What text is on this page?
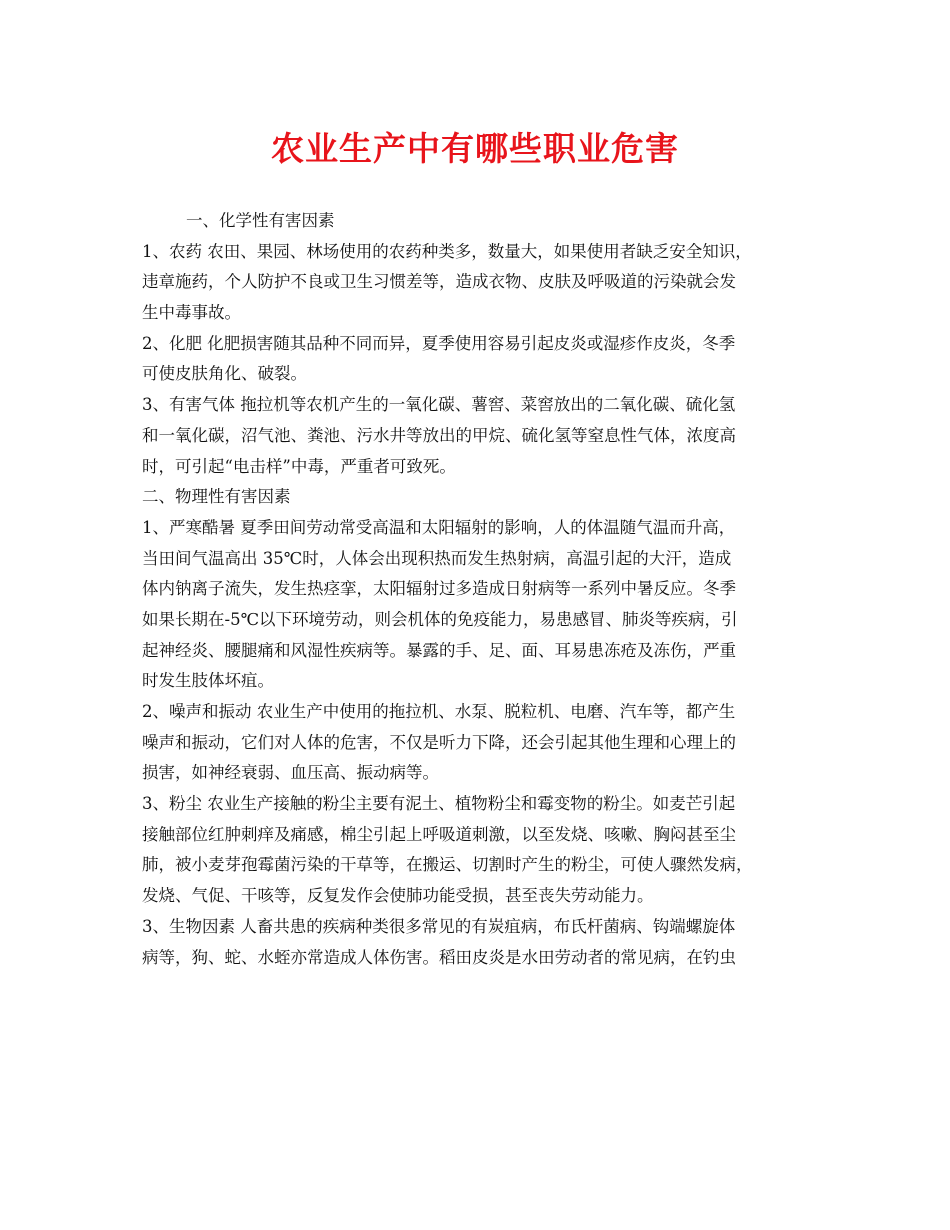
农业生产中有哪些职业危害
一、化学性有害因素
1、农药 农田、果园、林场使用的农药种类多，数量大，如果使用者缺乏安全知识，
违章施药，个人防护不良或卫生习惯差等，造成衣物、皮肤及呼吸道的污染就会发
生中毒事故。
2、化肥 化肥损害随其品种不同而异，夏季使用容易引起皮炎或湿疹作皮炎，冬季
可使皮肤角化、破裂。
3、有害气体 拖拉机等农机产生的一氧化碳、薯窖、菜窖放出的二氧化碳、硫化氢
和一氧化碳，沼气池、粪池、污水井等放出的甲烷、硫化氢等窒息性气体，浓度高
时，可引起“电击样”中毒，严重者可致死。
二、物理性有害因素
1、严寒酷暑 夏季田间劳动常受高温和太阳辐射的影响，人的体温随气温而升高，
当田间气温高出 35℃时，人体会出现积热而发生热射病，高温引起的大汗，造成
体内钠离子流失，发生热痉挛，太阳辐射过多造成日射病等一系列中暑反应。冬季
如果长期在-5℃以下环境劳动，则会机体的免疫能力，易患感冒、肺炎等疾病，引
起神经炎、腰腿痛和风湿性疾病等。暴露的手、足、面、耳易患冻疮及冻伤，严重
时发生肢体坏疽。
2、噪声和振动 农业生产中使用的拖拉机、水泵、脱粒机、电磨、汽车等，都产生
噪声和振动，它们对人体的危害，不仅是听力下降，还会引起其他生理和心理上的
损害，如神经衰弱、血压高、振动病等。
3、粉尘 农业生产接触的粉尘主要有泥土、植物粉尘和霉变物的粉尘。如麦芒引起
接触部位红肿刺痒及痛感，棉尘引起上呼吸道刺激，以至发烧、咳嗽、胸闷甚至尘
肺，被小麦芽孢霉菌污染的干草等，在搬运、切割时产生的粉尘，可使人骤然发病，
发烧、气促、干咳等，反复发作会使肺功能受损，甚至丧失劳动能力。
3、生物因素 人畜共患的疾病种类很多常见的有炭疽病，布氏杆菌病、钩端螺旋体
病等，狗、蛇、水蛭亦常造成人体伤害。稻田皮炎是水田劳动者的常见病，在钓虫
